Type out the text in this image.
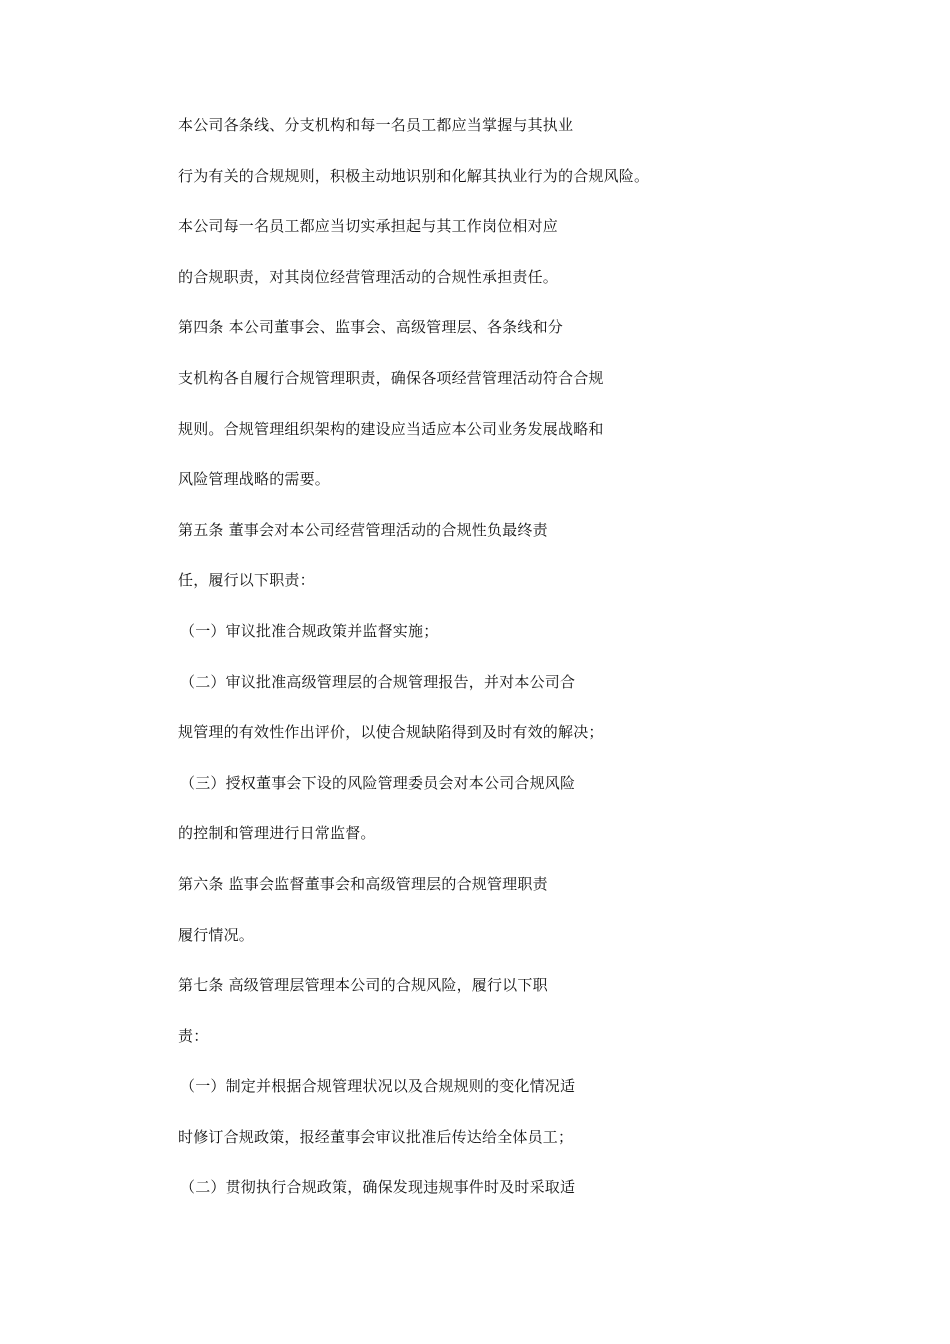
本公司各条线、分支机构和每一名员工都应当掌握与其执业

行为有关的合规规则，积极主动地识别和化解其执业行为的合规风险。

本公司每一名员工都应当切实承担起与其工作岗位相对应

的合规职责，对其岗位经营管理活动的合规性承担责任。

第四条 本公司董事会、监事会、高级管理层、各条线和分

支机构各自履行合规管理职责，确保各项经营管理活动符合合规

规则。合规管理组织架构的建设应当适应本公司业务发展战略和

风险管理战略的需要。

第五条 董事会对本公司经营管理活动的合规性负最终责

任，履行以下职责：

（一）审议批准合规政策并监督实施；

（二）审议批准高级管理层的合规管理报告，并对本公司合

规管理的有效性作出评价，以使合规缺陷得到及时有效的解决；

（三）授权董事会下设的风险管理委员会对本公司合规风险

的控制和管理进行日常监督。

第六条 监事会监督董事会和高级管理层的合规管理职责

履行情况。

第七条 高级管理层管理本公司的合规风险，履行以下职

责：

（一）制定并根据合规管理状况以及合规规则的变化情况适

时修订合规政策，报经董事会审议批准后传达给全体员工；

（二）贯彻执行合规政策，确保发现违规事件时及时采取适
